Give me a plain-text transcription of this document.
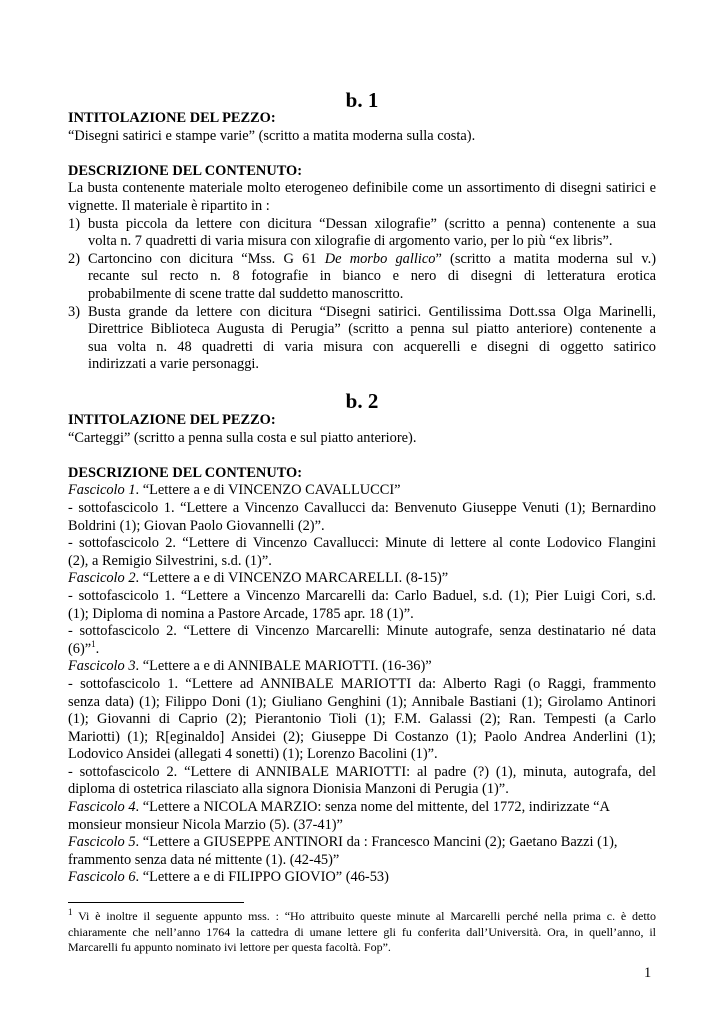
b. 1
INTITOLAZIONE DEL PEZZO:
“Disegni satirici e stampe varie” (scritto a matita moderna sulla costa).
DESCRIZIONE DEL CONTENUTO:
La busta contenente materiale molto eterogeneo definibile come un assortimento di disegni satirici e
vignette. Il materiale è ripartito in :
1) busta piccola da lettere con dicitura “Dessan xilografie” (scritto a penna) contenente a sua
volta n. 7 quadretti di varia misura con xilografie di argomento vario, per lo più “ex libris”.
2) Cartoncino con dicitura “Mss. G 61 De morbo gallico” (scritto a matita moderna sul v.)
recante sul recto n. 8 fotografie in bianco e nero di disegni di letteratura erotica
probabilmente di scene tratte dal suddetto manoscritto.
3) Busta grande da lettere con dicitura “Disegni satirici. Gentilissima Dott.ssa Olga Marinelli,
Direttrice Biblioteca Augusta di Perugia” (scritto a penna sul piatto anteriore) contenente a
sua volta n. 48 quadretti di varia misura con acquerelli e disegni di oggetto satirico
indirizzati a varie personaggi.
b. 2
INTITOLAZIONE DEL PEZZO:
“Carteggi” (scritto a penna sulla costa e sul piatto anteriore).
DESCRIZIONE DEL CONTENUTO:
Fascicolo 1. “Lettere a e di VINCENZO CAVALLUCCI”
- sottofascicolo 1. “Lettere a Vincenzo Cavallucci da: Benvenuto Giuseppe Venuti (1); Bernardino
Boldrini (1); Giovan Paolo Giovannelli (2)”.
- sottofascicolo 2. “Lettere di Vincenzo Cavallucci: Minute di lettere al conte Lodovico Flangini
(2), a Remigio Silvestrini, s.d. (1)”.
Fascicolo 2. “Lettere a e di VINCENZO MARCARELLI. (8-15)”
- sottofascicolo 1. “Lettere a Vincenzo Marcarelli da: Carlo Baduel, s.d. (1); Pier Luigi Cori, s.d.
(1); Diploma di nomina a Pastore Arcade, 1785 apr. 18 (1)”.
- sottofascicolo 2. “Lettere di Vincenzo Marcarelli: Minute autografe, senza destinatario né data
(6)”$^1$.
Fascicolo 3. “Lettere a e di ANNIBALE MARIOTTI. (16-36)”
- sottofascicolo 1. “Lettere ad ANNIBALE MARIOTTI da: Alberto Ragi (o Raggi, frammento
senza data) (1); Filippo Doni (1); Giuliano Genghini (1); Annibale Bastiani (1); Girolamo Antinori
(1); Giovanni di Caprio (2); Pierantonio Tioli (1); F.M. Galassi (2); Ran. Tempesti (a Carlo
Mariotti) (1); R[eginaldo] Ansidei (2); Giuseppe Di Costanzo (1); Paolo Andrea Anderlini (1);
Lodovico Ansidei (allegati 4 sonetti) (1); Lorenzo Bacolini (1)”.
- sottofascicolo 2. “Lettere di ANNIBALE MARIOTTI: al padre (?) (1), minuta, autografa, del
diploma di ostetrica rilasciato alla signora Dionisia Manzoni di Perugia (1)”.
Fascicolo 4. “Lettere a NICOLA MARZIO: senza nome del mittente, del 1772, indirizzate “A
monsieur monsieur Nicola Marzio (5). (37-41)”
Fascicolo 5. “Lettere a GIUSEPPE ANTINORI da : Francesco Mancini (2); Gaetano Bazzi (1),
frammento senza data né mittente (1). (42-45)”
Fascicolo 6. “Lettere a e di FILIPPO GIOVIO” (46-53)
$^1$ Vi è inoltre il seguente appunto mss. : “Ho attribuito queste minute al Marcarelli perché nella prima c. è detto
chiaramente che nell’anno 1764 la cattedra di umane lettere gli fu conferita dall’Università. Ora, in quell’anno, il
Marcarelli fu appunto nominato ivi lettore per questa facoltà. Fop”.
1
